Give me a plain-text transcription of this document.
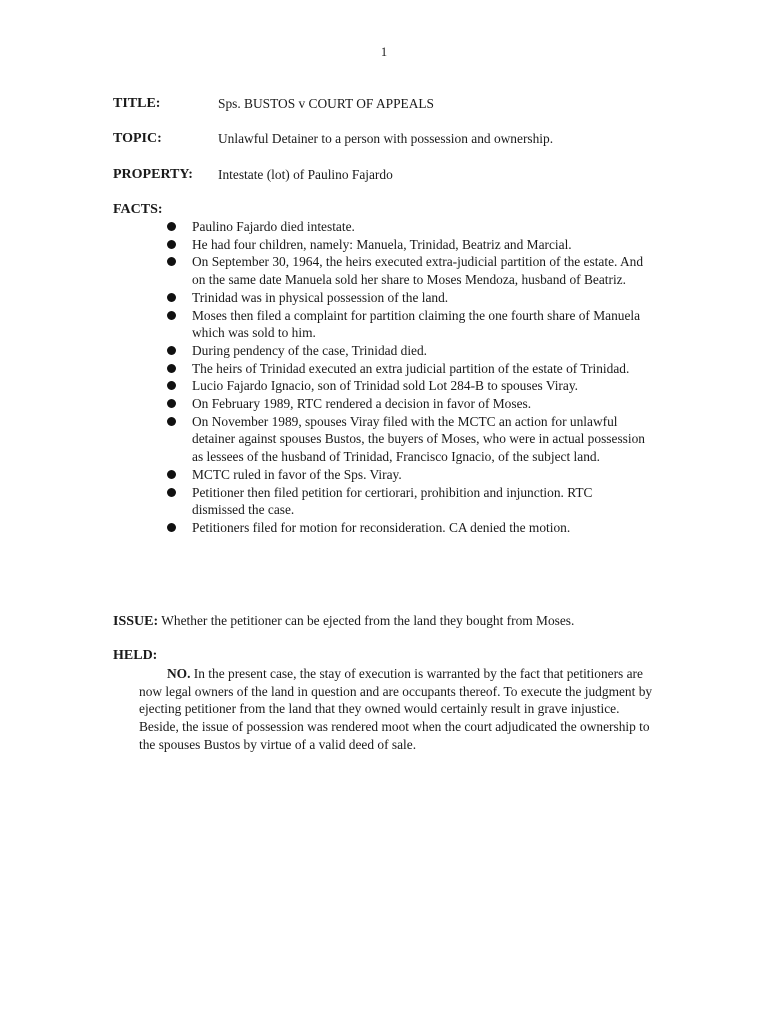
1
TITLE:	Sps. BUSTOS v COURT OF APPEALS
TOPIC:	Unlawful Detainer to a person with possession and ownership.
PROPERTY: Intestate (lot) of Paulino Fajardo
FACTS:
Paulino Fajardo died intestate.
He had four children, namely: Manuela, Trinidad, Beatriz and Marcial.
On September 30, 1964, the heirs executed extra-judicial partition of the estate. And on the same date Manuela sold her share to Moses Mendoza, husband of Beatriz.
Trinidad was in physical possession of the land.
Moses then filed a complaint for partition claiming the one fourth share of Manuela which was sold to him.
During pendency of the case, Trinidad died.
The heirs of Trinidad executed an extra judicial partition of the estate of Trinidad.
Lucio Fajardo Ignacio, son of Trinidad sold Lot 284-B to spouses Viray.
On February 1989, RTC rendered a decision in favor of Moses.
On November 1989, spouses Viray filed with the MCTC an action for unlawful detainer against spouses Bustos, the buyers of Moses, who were in actual possession as lessees of the husband of Trinidad, Francisco Ignacio, of the subject land.
MCTC ruled in favor of the Sps. Viray.
Petitioner then filed petition for certiorari, prohibition and injunction. RTC dismissed the case.
Petitioners filed for motion for reconsideration. CA denied the motion.
ISSUE: Whether the petitioner can be ejected from the land they bought from Moses.
HELD:

NO. In the present case, the stay of execution is warranted by the fact that petitioners are now legal owners of the land in question and are occupants thereof. To execute the judgment by ejecting petitioner from the land that they owned would certainly result in grave injustice. Beside, the issue of possession was rendered moot when the court adjudicated the ownership to the spouses Bustos by virtue of a valid deed of sale.
